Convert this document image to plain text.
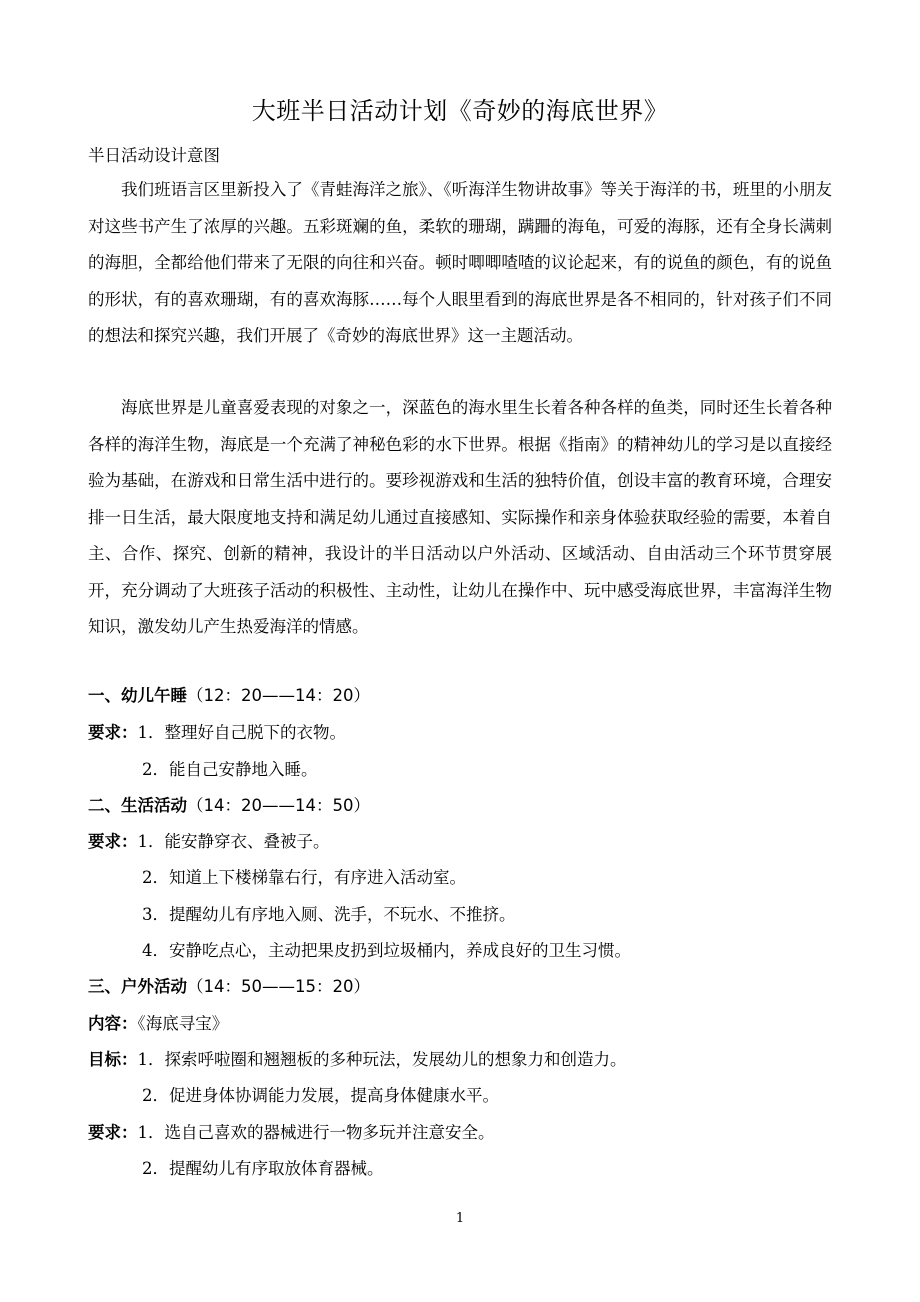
大班半日活动计划《奇妙的海底世界》
半日活动设计意图

我们班语言区里新投入了《青蛙海洋之旅》、《听海洋生物讲故事》等关于海洋的书，班里的小朋友对这些书产生了浓厚的兴趣。五彩斑斓的鱼，柔软的珊瑚，蹒跚的海龟，可爱的海豚，还有全身长满刺的海胆，全都给他们带来了无限的向往和兴奋。顿时唧唧喳喳的议论起来，有的说鱼的颜色，有的说鱼的形状，有的喜欢珊瑚，有的喜欢海豚……每个人眼里看到的海底世界是各不相同的，针对孩子们不同的想法和探究兴趣，我们开展了《奇妙的海底世界》这一主题活动。

海底世界是儿童喜爱表现的对象之一，深蓝色的海水里生长着各种各样的鱼类，同时还生长着各种各样的海洋生物，海底是一个充满了神秘色彩的水下世界。根据《指南》的精神幼儿的学习是以直接经验为基础，在游戏和日常生活中进行的。要珍视游戏和生活的独特价值，创设丰富的教育环境，合理安排一日生活，最大限度地支持和满足幼儿通过直接感知、实际操作和亲身体验获取经验的需要，本着自主、合作、探究、创新的精神，我设计的半日活动以户外活动、区域活动、自由活动三个环节贯穿展开，充分调动了大班孩子活动的积极性、主动性，让幼儿在操作中、玩中感受海底世界，丰富海洋生物知识，激发幼儿产生热爱海洋的情感。

一、幼儿午睡（12：20——14：20）
要求：1．整理好自己脱下的衣物。
2．能自己安静地入睡。
二、生活活动（14：20——14：50）
要求：1．能安静穿衣、叠被子。
2．知道上下楼梯靠右行，有序进入活动室。
3．提醒幼儿有序地入厕、洗手，不玩水、不推挤。
4．安静吃点心，主动把果皮扔到垃圾桶内，养成良好的卫生习惯。
三、户外活动（14：50——15：20）
内容：《海底寻宝》
目标：1．探索呼啦圈和翘翘板的多种玩法，发展幼儿的想象力和创造力。
2．促进身体协调能力发展，提高身体健康水平。
要求：1．选自己喜欢的器械进行一物多玩并注意安全。
2．提醒幼儿有序取放体育器械。
1
